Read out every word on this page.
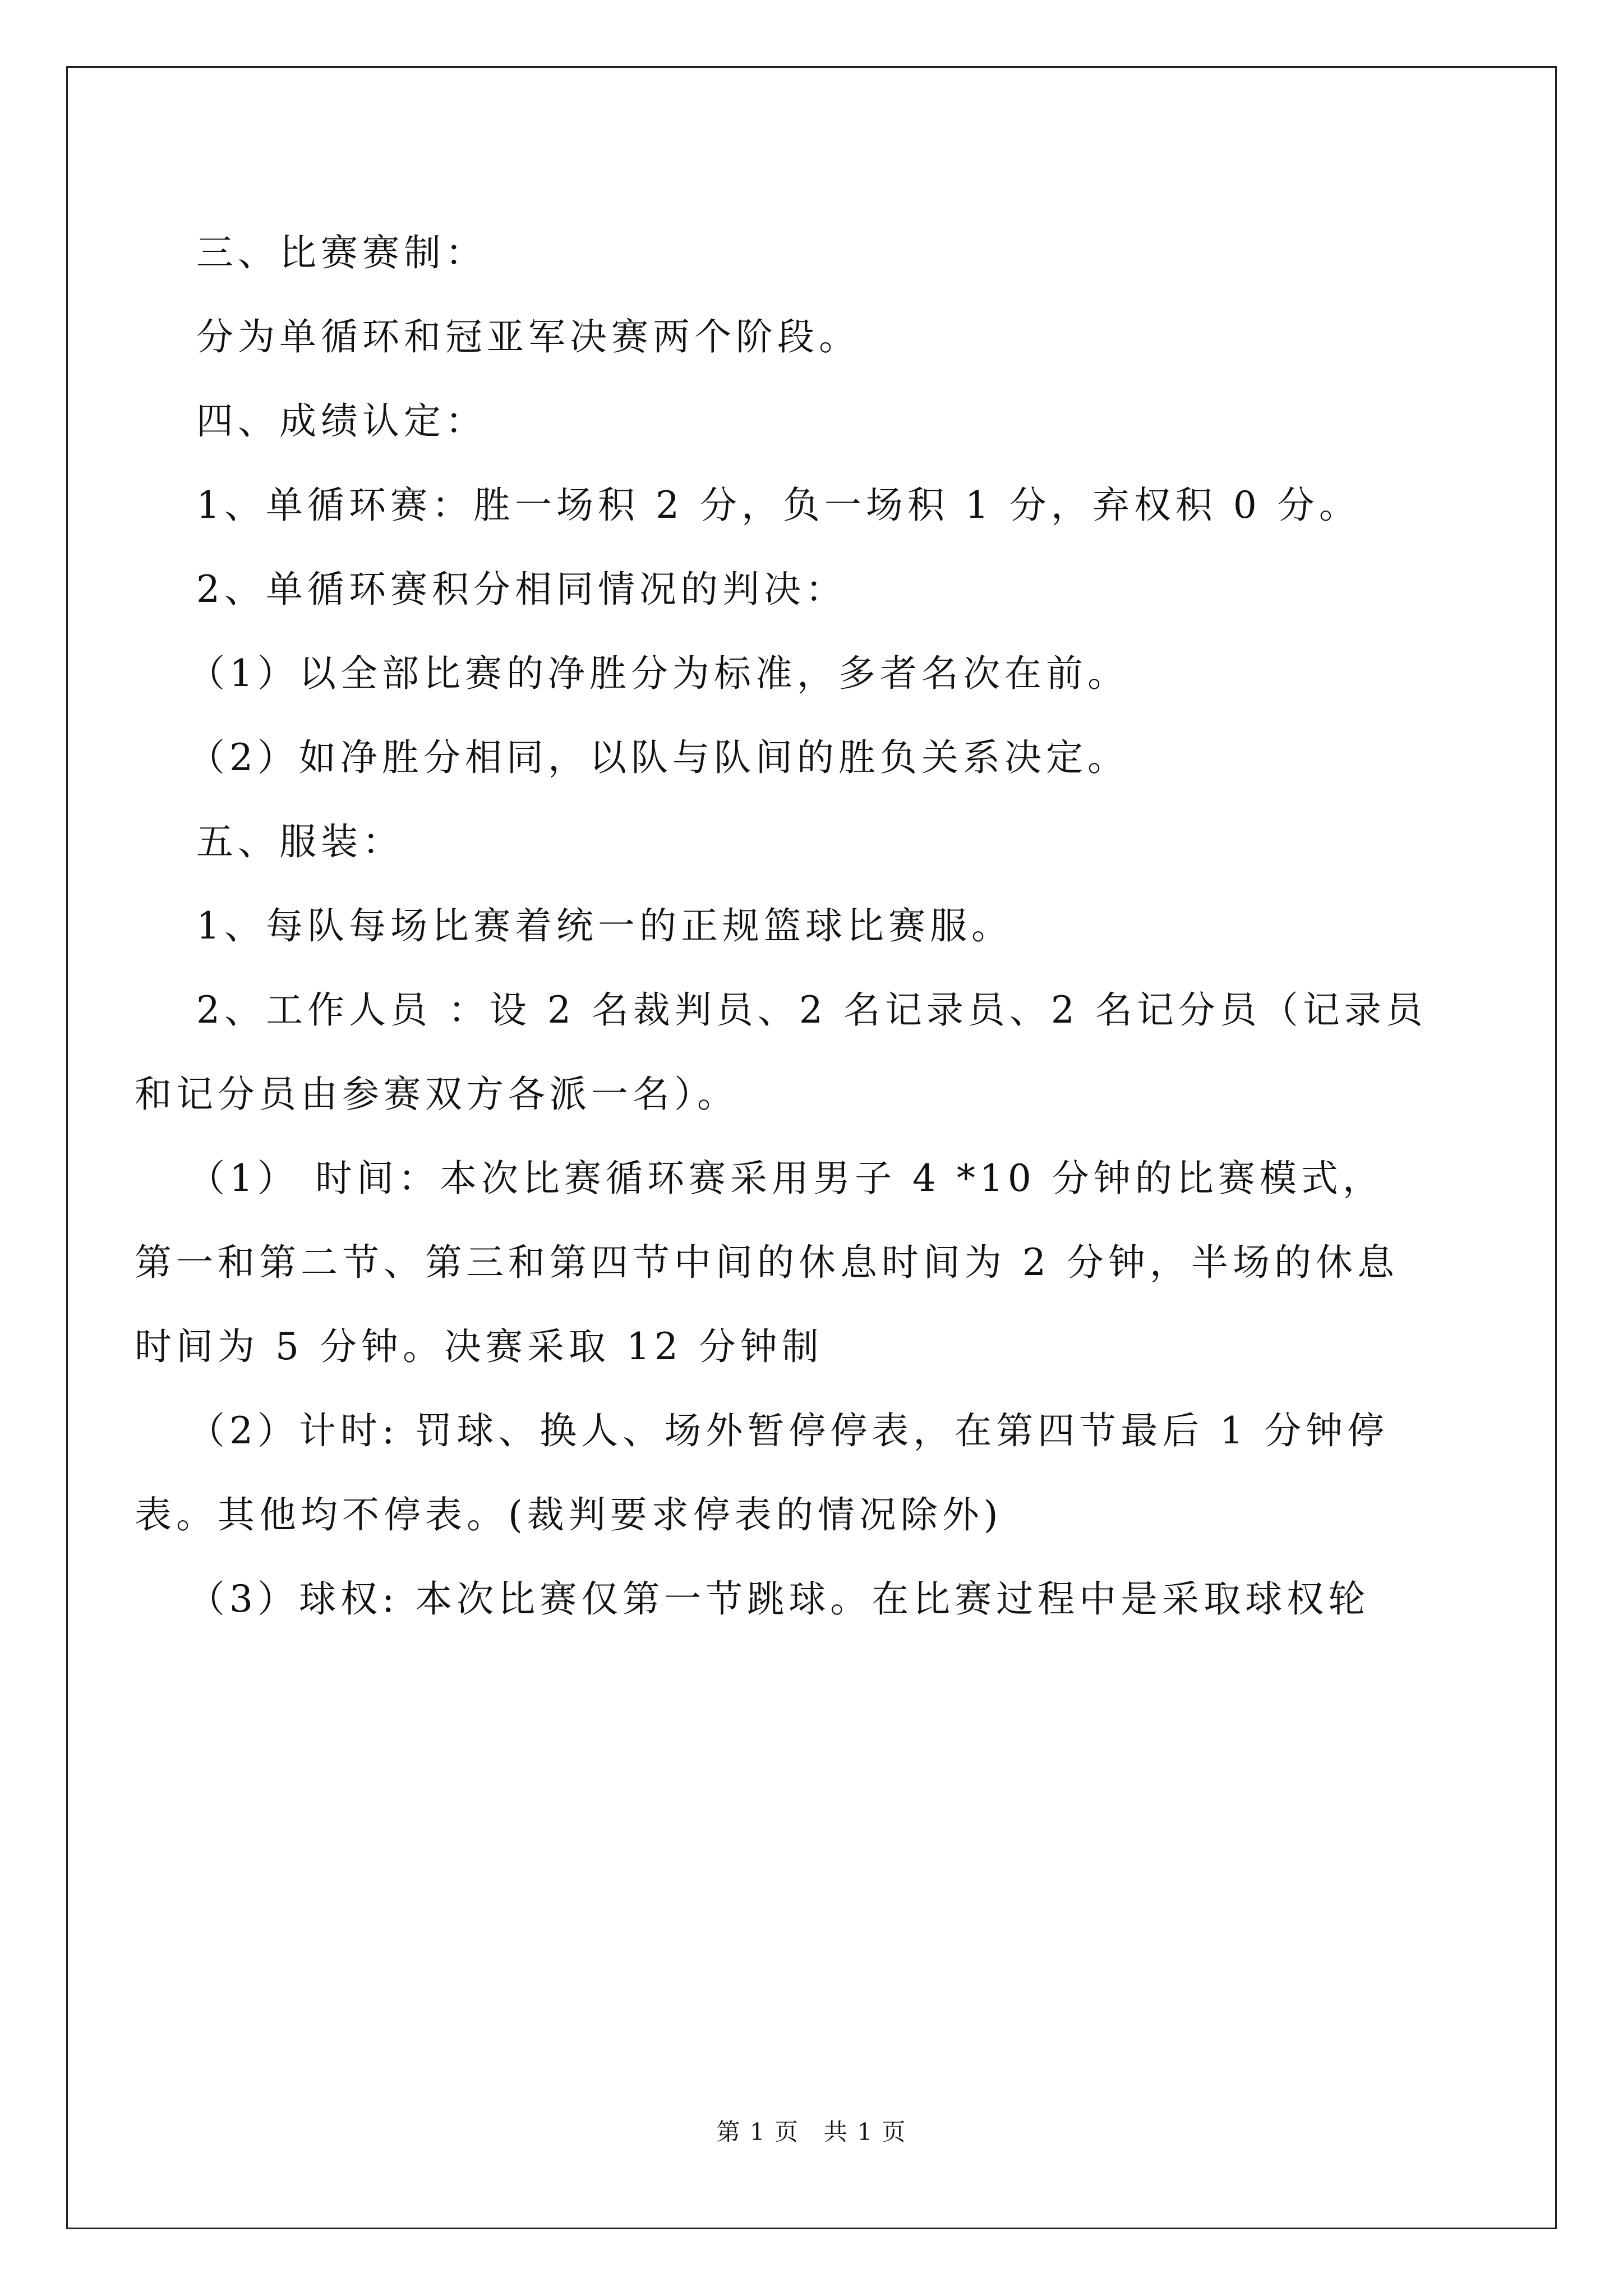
三、比赛赛制：
分为单循环和冠亚军决赛两个阶段。
四、成绩认定：
1、单循环赛：胜一场积 2 分，负一场积 1 分，弃权积 0 分。
2、单循环赛积分相同情况的判决：
（1）以全部比赛的净胜分为标准，多者名次在前。
（2）如净胜分相同，以队与队间的胜负关系决定。
五、服装：
1、每队每场比赛着统一的正规篮球比赛服。
2、工作人员 ：设 2 名裁判员、2 名记录员、2 名记分员（记录员
和记分员由参赛双方各派一名）。
（1） 时间：本次比赛循环赛采用男子 4 *10 分钟的比赛模式，
第一和第二节、第三和第四节中间的休息时间为 2 分钟，半场的休息
时间为 5 分钟。决赛采取 12 分钟制
（2）计时: 罚球、换人、场外暂停停表，在第四节最后 1 分钟停
表。其他均不停表。(裁判要求停表的情况除外)
（3）球权: 本次比赛仅第一节跳球。在比赛过程中是采取球权轮
第 1 页　共 1 页
